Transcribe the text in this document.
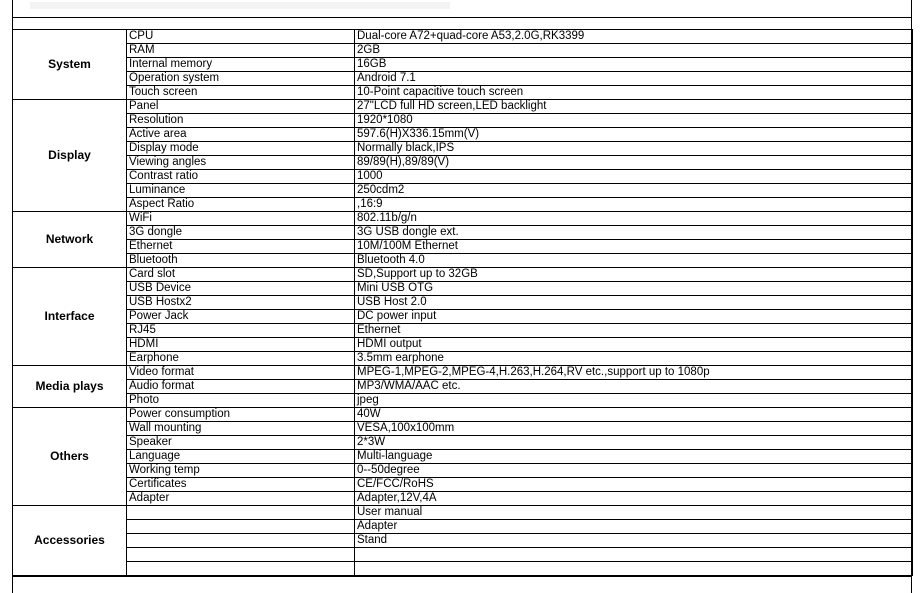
System	CPU	Dual-core A72+quad-core A53,2.0G,RK3399
	RAM	2GB
	Internal memory	16GB
	Operation system	Android 7.1
	Touch screen	10-Point capacitive touch screen
Display	Panel	27"LCD full HD screen,LED backlight
	Resolution	1920*1080
	Active area	597.6(H)X336.15mm(V)
	Display mode	Normally black,IPS
	Viewing angles	89/89(H),89/89(V)
	Contrast ratio	1000
	Luminance	250cdm2
	Aspect Ratio	,16:9
Network	WiFi	802.11b/g/n
	3G dongle	3G USB dongle ext.
	Ethernet	10M/100M Ethernet
	Bluetooth	Bluetooth 4.0
Interface	Card slot	SD,Support up to 32GB
	USB Device	Mini USB OTG
	USB Hostx2	USB Host 2.0
	Power Jack	DC power input
	RJ45	Ethernet
	HDMI	HDMI output
	Earphone	3.5mm earphone
Media plays	Video format	MPEG-1,MPEG-2,MPEG-4,H.263,H.264,RV etc.,support up to 1080p
	Audio format	MP3/WMA/AAC etc.
	Photo	jpeg
Others	Power consumption	40W
	Wall mounting	VESA,100x100mm
	Speaker	2*3W
	Language	Multi-language
	Working temp	0--50degree
	Certificates	CE/FCC/RoHS
	Adapter	Adapter,12V,4A
Accessories		User manual
		Adapter
		Stand
